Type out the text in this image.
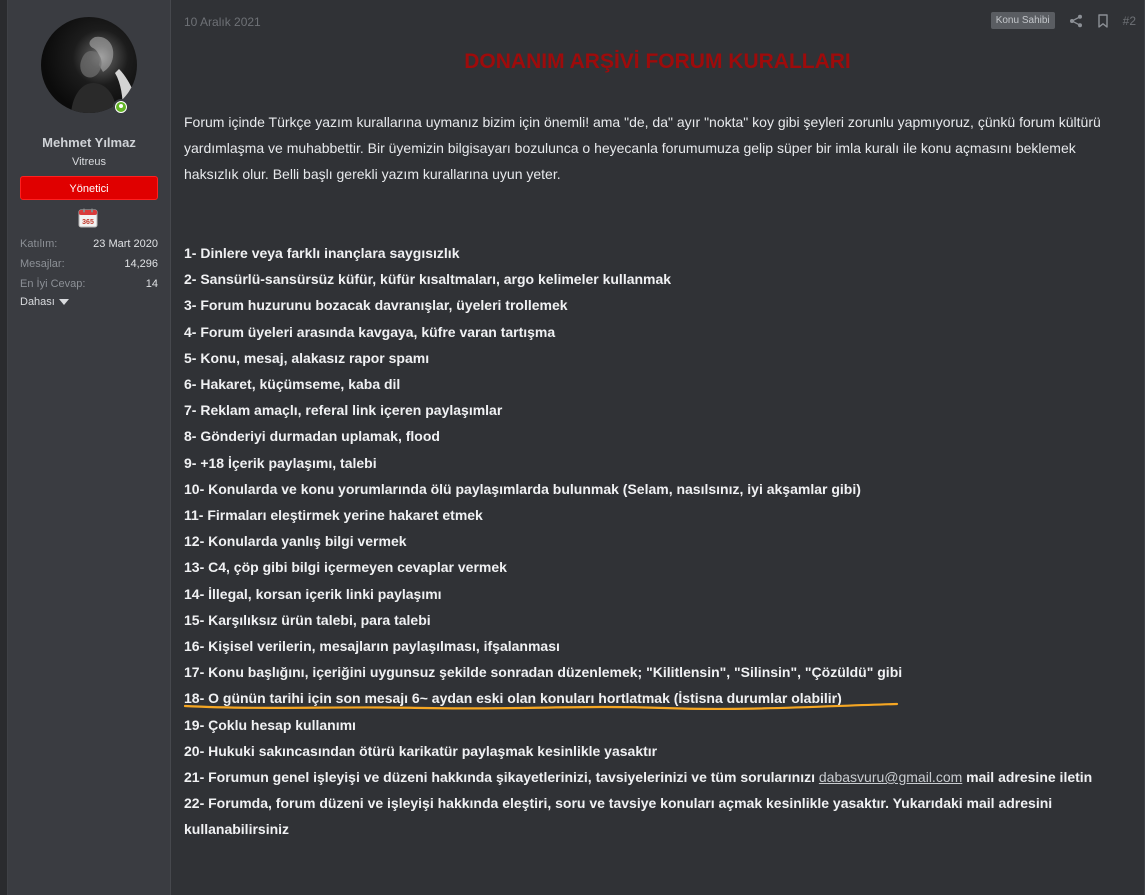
Mehmet Yılmaz
Vitreus
Yönetici
365
Katılım:	23 Mart 2020
Mesajlar:	14,296
En İyi Cevap:	14
Dahası
10 Aralık 2021	Konu Sahibi	#2
DONANIM ARŞİVİ FORUM KURALLARI
Forum içinde Türkçe yazım kurallarına uymanız bizim için önemli! ama "de, da" ayır "nokta" koy gibi şeyleri zorunlu yapmıyoruz, çünkü forum kültürü yardımlaşma ve muhabbettir. Bir üyemizin bilgisayarı bozulunca o heyecanla forumumuza gelip süper bir imla kuralı ile konu açmasını beklemek haksızlık olur. Belli başlı gerekli yazım kurallarına uyun yeter.
1- Dinlere veya farklı inançlara saygısızlık
2- Sansürlü-sansürsüz küfür, küfür kısaltmaları, argo kelimeler kullanmak
3- Forum huzurunu bozacak davranışlar, üyeleri trollemek
4- Forum üyeleri arasında kavgaya, küfre varan tartışma
5- Konu, mesaj, alakasız rapor spamı
6- Hakaret, küçümseme, kaba dil
7- Reklam amaçlı, referal link içeren paylaşımlar
8- Gönderiyi durmadan uplamak, flood
9- +18 İçerik paylaşımı, talebi
10- Konularda ve konu yorumlarında ölü paylaşımlarda bulunmak (Selam, nasılsınız, iyi akşamlar gibi)
11- Firmaları eleştirmek yerine hakaret etmek
12- Konularda yanlış bilgi vermek
13- C4, çöp gibi bilgi içermeyen cevaplar vermek
14- İllegal, korsan içerik linki paylaşımı
15- Karşılıksız ürün talebi, para talebi
16- Kişisel verilerin, mesajların paylaşılması, ifşalanması
17- Konu başlığını, içeriğini uygunsuz şekilde sonradan düzenlemek; "Kilitlensin", "Silinsin", "Çözüldü" gibi
18- O günün tarihi için son mesajı 6~ aydan eski olan konuları hortlatmak (İstisna durumlar olabilir)
19- Çoklu hesap kullanımı
20- Hukuki sakıncasından ötürü karikatür paylaşmak kesinlikle yasaktır
21- Forumun genel işleyişi ve düzeni hakkında şikayetlerinizi, tavsiyelerinizi ve tüm sorularınızı dabasvuru@gmail.com mail adresine iletin
22- Forumda, forum düzeni ve işleyişi hakkında eleştiri, soru ve tavsiye konuları açmak kesinlikle yasaktır. Yukarıdaki mail adresini kullanabilirsiniz
